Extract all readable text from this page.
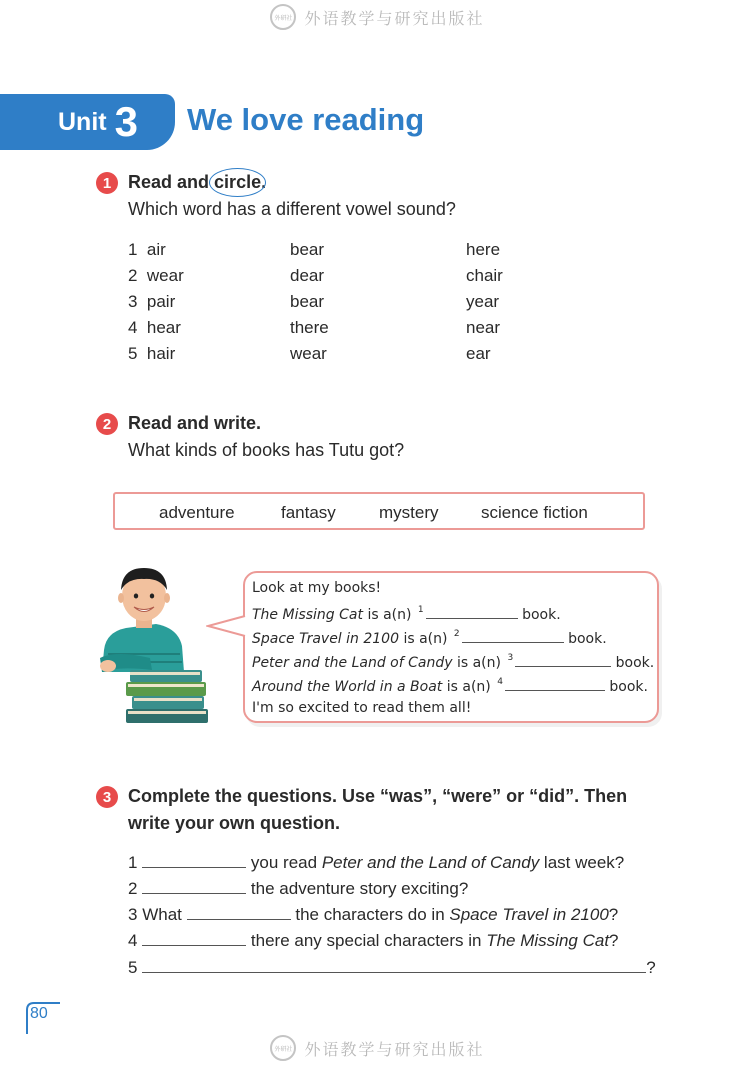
外研社 外语教学与研究出版社
Unit 3 We love reading
1 Read and circle.
Which word has a different vowel sound?
1  air	bear	here
2  wear	dear	chair
3  pair	bear	year
4  hear	there	near
5  hair	wear	ear
2 Read and write.
What kinds of books has Tutu got?
adventure	fantasy	mystery	science fiction
Look at my books!
The Missing Cat is a(n) $^1$	book.
Space Travel in 2100 is a(n) $^2$	book.
Peter and the Land of Candy is a(n) $^3$	book.
Around the World in a Boat is a(n) $^4$	book.
I'm so excited to read them all!
3 Complete the questions. Use “was”, “were” or “did”. Then
write your own question.
1	you read Peter and the Land of Candy last week?
2	the adventure story exciting?
3 What	the characters do in Space Travel in 2100?
4	there any special characters in The Missing Cat?
5	?
80
外研社 外语教学与研究出版社
